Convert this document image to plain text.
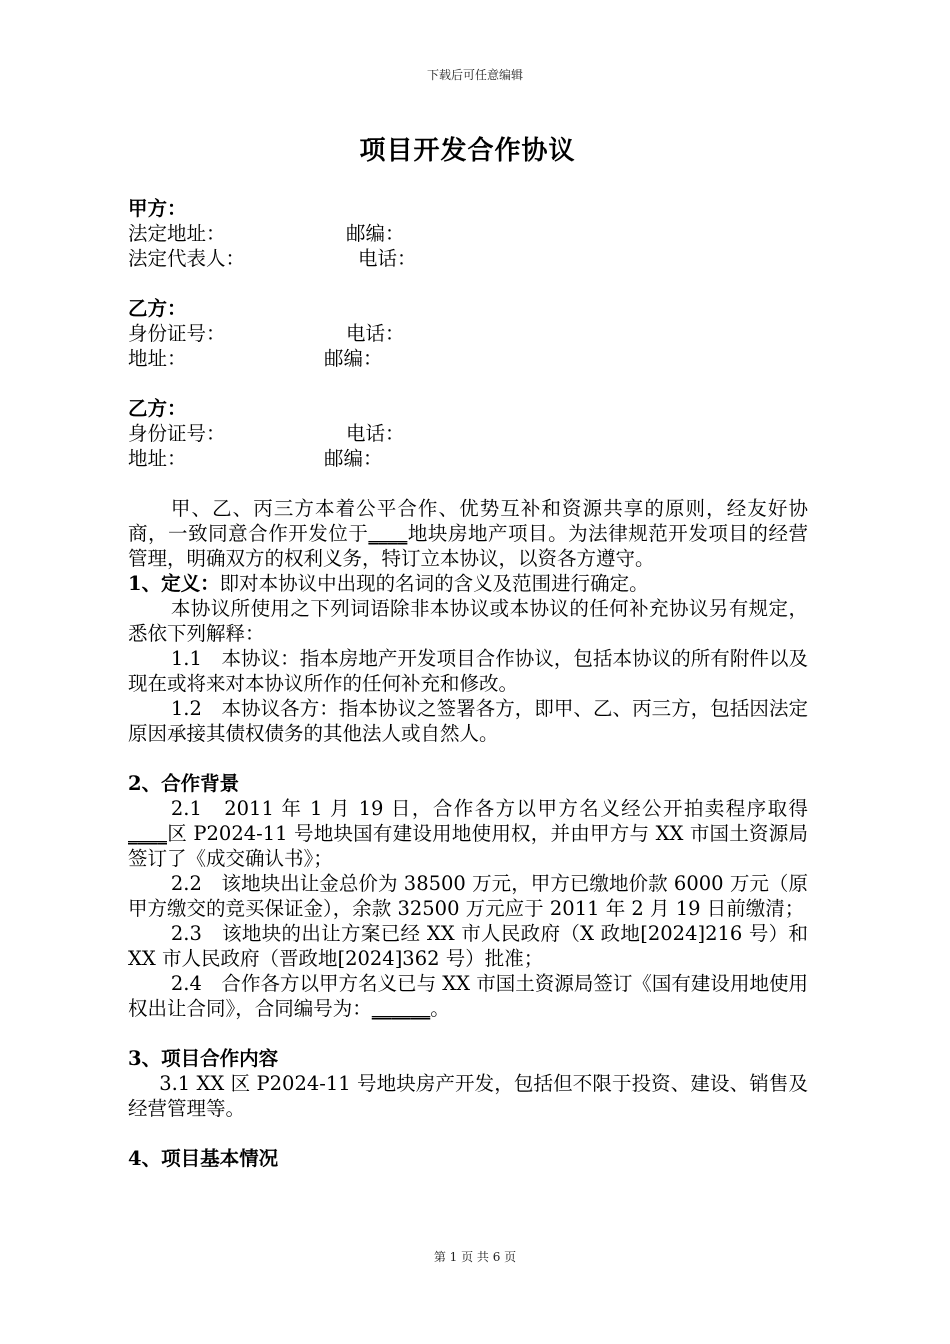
下载后可任意编辑
项目开发合作协议
甲方：
法定地址：	邮编：
法定代表人：	电话：
乙方：
身份证号：	电话：
地址：	邮编：
乙方：
身份证号：	电话：
地址：	邮编：
甲、乙、丙三方本着公平合作、优势互补和资源共享的原则，经友好协商，一致同意合作开发位于____地块房地产项目。为法律规范开发项目的经营管理，明确双方的权利义务，特订立本协议，以资各方遵守。
1、定义：即对本协议中出现的名词的含义及范围进行确定。
本协议所使用之下列词语除非本协议或本协议的任何补充协议另有规定，悉依下列解释：
1.1　本协议：指本房地产开发项目合作协议，包括本协议的所有附件以及现在或将来对本协议所作的任何补充和修改。
1.2　本协议各方：指本协议之签署各方，即甲、乙、丙三方，包括因法定原因承接其债权债务的其他法人或自然人。
2、合作背景
2.1　2011 年 1 月 19 日，合作各方以甲方名义经公开拍卖程序取得 ____区 P2024-11 号地块国有建设用地使用权，并由甲方与 XX 市国土资源局签订了《成交确认书》；
2.2　该地块出让金总价为 38500 万元，甲方已缴地价款 6000 万元（原甲方缴交的竞买保证金），余款 32500 万元应于 2011 年 2 月 19 日前缴清；
2.3　该地块的出让方案已经 XX 市人民政府（X 政地[2024]216 号）和 XX 市人民政府（晋政地[2024]362 号）批准；
2.4　合作各方以甲方名义已与 XX 市国土资源局签订《国有建设用地使用权出让合同》，合同编号为：______。
3、项目合作内容
3.1 XX 区 P2024-11 号地块房产开发，包括但不限于投资、建设、销售及经营管理等。
4、项目基本情况
第 1 页 共 6 页
